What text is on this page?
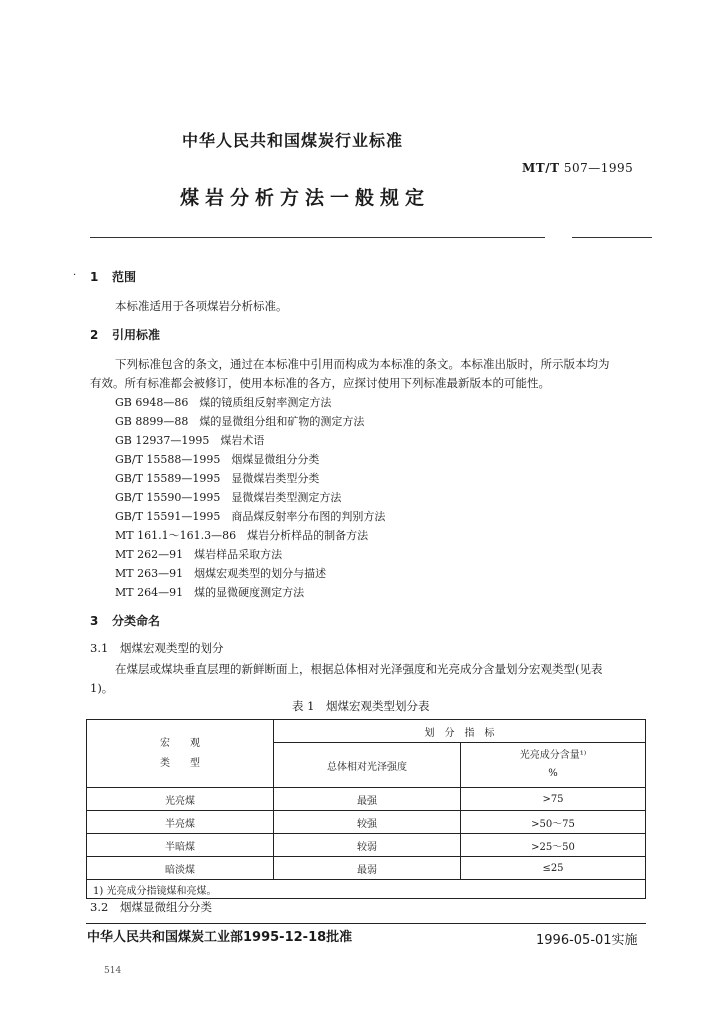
中华人民共和国煤炭行业标准
MT/T 507—1995
煤岩分析方法一般规定
· 1 范围
本标准适用于各项煤岩分析标准。
2 引用标准
下列标准包含的条文，通过在本标准中引用而构成为本标准的条文。本标准出版时，所示版本均为
有效。所有标准都会被修订，使用本标准的各方，应探讨使用下列标准最新版本的可能性。
GB 6948—86　煤的镜质组反射率测定方法
GB 8899—88　煤的显微组分组和矿物的测定方法
GB 12937—1995　煤岩术语
GB/T 15588—1995　烟煤显微组分分类
GB/T 15589—1995　显微煤岩类型分类
GB/T 15590—1995　显微煤岩类型测定方法
GB/T 15591—1995　商品煤反射率分布图的判别方法
MT 161.1～161.3—86　煤岩分析样品的制备方法
MT 262—91　煤岩样品采取方法
MT 263—91　烟煤宏观类型的划分与描述
MT 264—91　煤的显微硬度测定方法
3 分类命名
3.1 烟煤宏观类型的划分
在煤层或煤块垂直层理的新鲜断面上，根据总体相对光泽强度和光亮成分含量划分宏观类型(见表
1)。
表 1　烟煤宏观类型划分表
宏　　观
类　　型	划　分　指　标	
	总体相对光泽强度	光亮成分含量¹⁾
%

光亮煤	最强	>75
半亮煤	较强	>50～75
半暗煤	较弱	>25～50
暗淡煤	最弱	≤25
1) 光亮成分指镜煤和亮煤。		
3.2 烟煤显微组分分类
中华人民共和国煤炭工业部1995-12-18批准	1996-05-01实施
514
